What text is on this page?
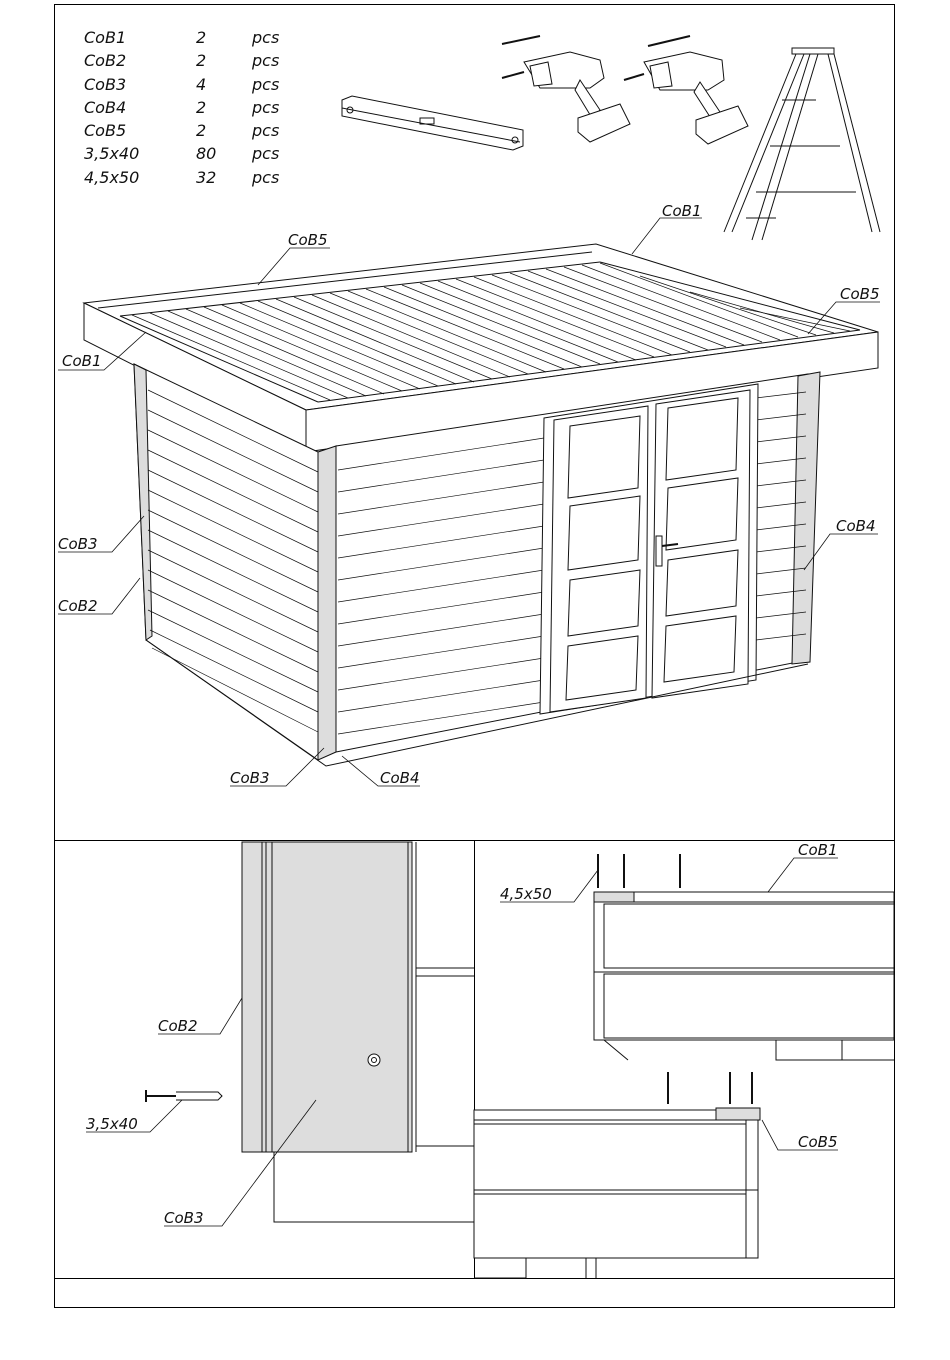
CoB1	2	pcs
CoB2	2	pcs
CoB3	4	pcs
CoB4	2	pcs
CoB5	2	pcs
3,5x40	80 pcs
4,5x50	32 pcs
CoB5
CoB1
CoB1
CoB5
CoB3
CoB2
CoB4
CoB3	CoB4
CoB2
3,5x40
CoB3
4,5x50
CoB1
CoB5
